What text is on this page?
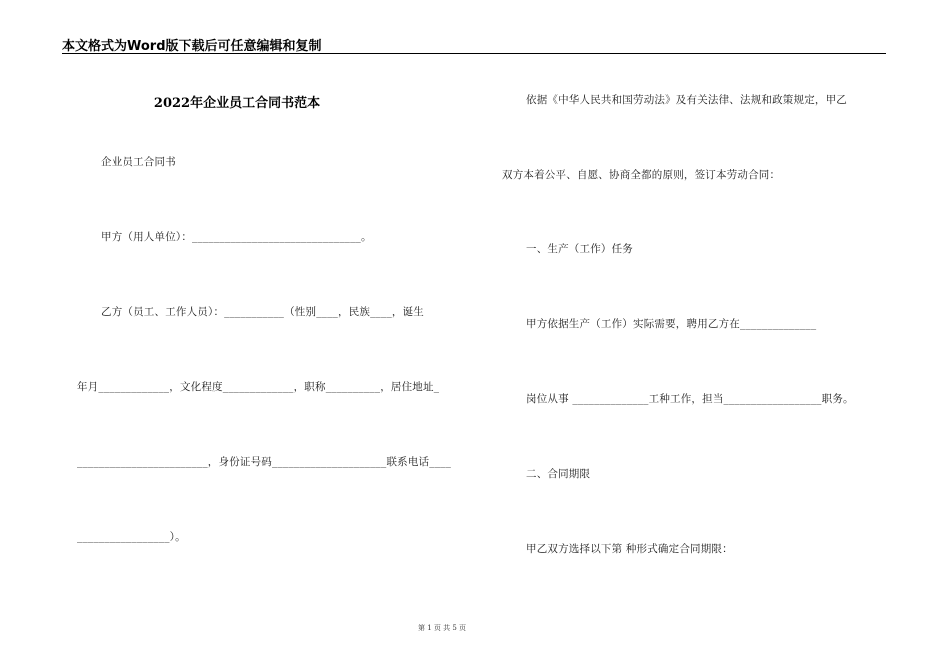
本文格式为Word版下载后可任意编辑和复制
2022年企业员工合同书范本
企业员工合同书
甲方（用人单位）：_______________________________。
乙方（员工、工作人员）：___________（性别____，民族____，诞生
年月_____________，文化程度_____________，职称__________，居住地址_
________________________，身份证号码_____________________联系电话____
_________________）。
依据《中华人民共和国劳动法》及有关法律、法规和政策规定，甲乙
双方本着公平、自愿、协商全都的原则，签订本劳动合同：
一、生产（工作）任务
甲方依据生产（工作）实际需要，聘用乙方在______________
岗位从事 ______________工种工作，担当__________________职务。
二、合同期限
甲乙双方选择以下第 种形式确定合同期限：
第 1 页 共 5 页
